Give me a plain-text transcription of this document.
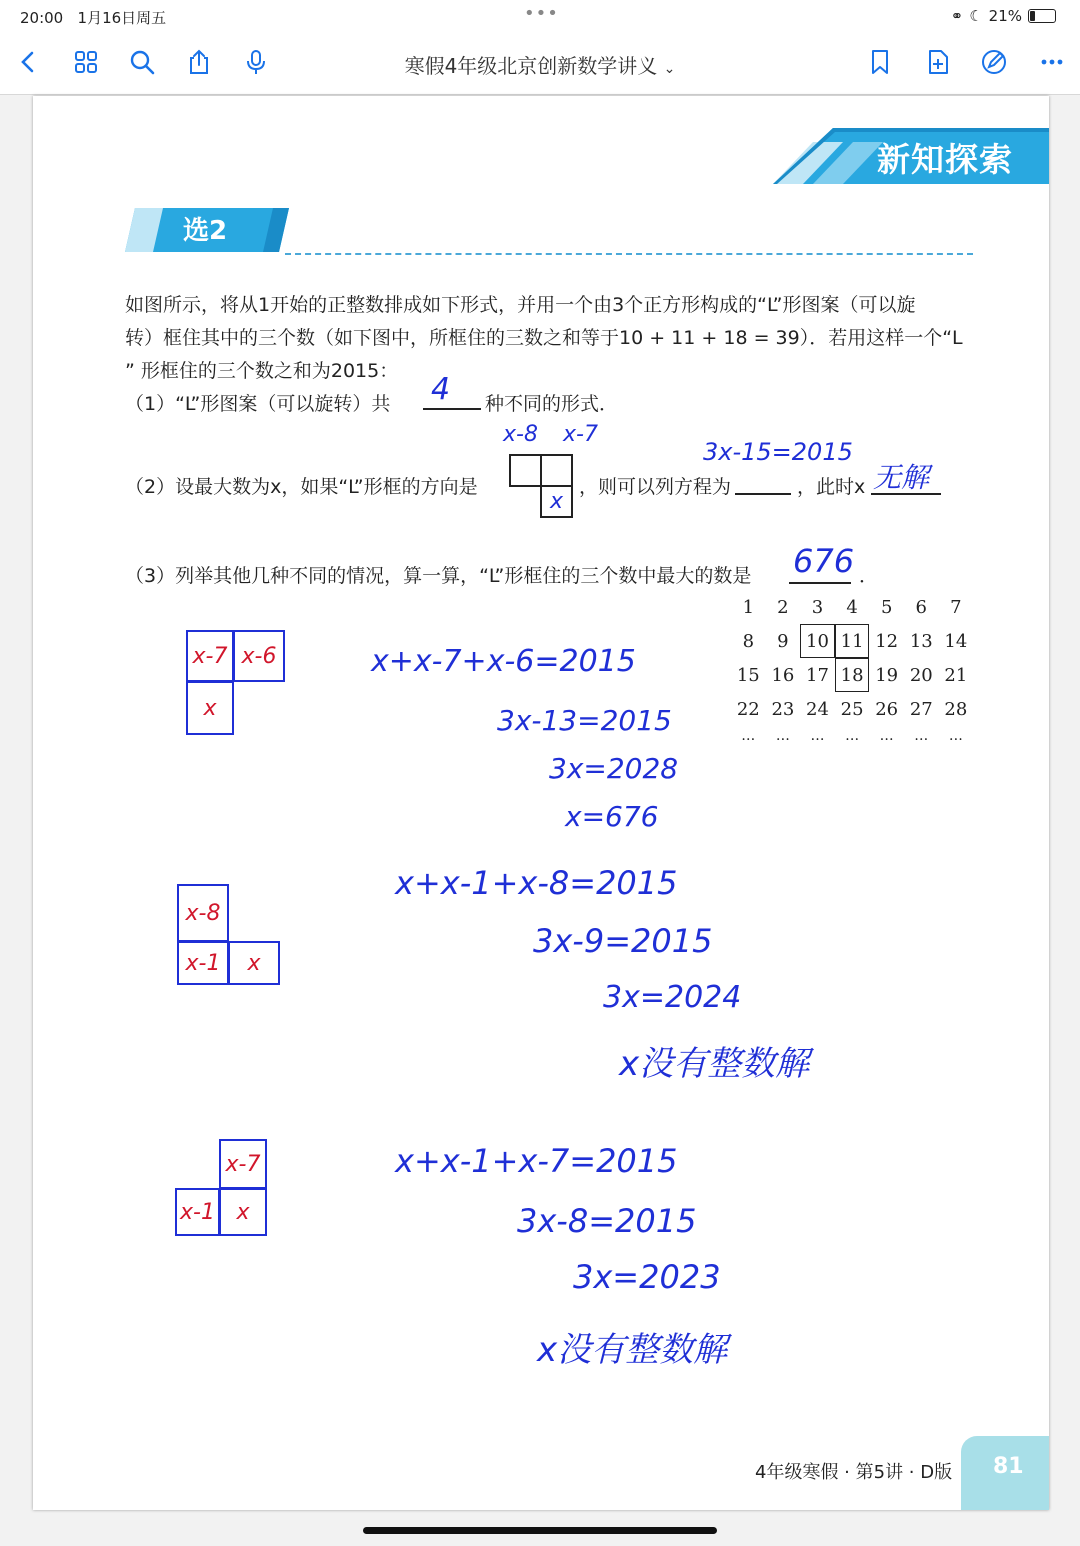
20:00 1月16日周五	•••	⚭ ☾ 21%
寒假4年级北京创新数学讲义 ⌄
新知探索
选2
如图所示，将从1开始的正整数排成如下形式，并用一个由3个正方形构成的“L”形图案（可以旋
转）框住其中的三个数（如下图中，所框住的三数之和等于10 + 11 + 18 = 39）．若用这样一个“L
” 形框住的三个数之和为2015：
（1）“L”形图案（可以旋转）共 4 种不同的形式．
（2）设最大数为x，如果“L”形框的方向是
x-8 x-7
x
，则可以列方程为
3x-15=2015
，此时x 无解
（3）列举其他几种不同的情况，算一算，“L”形框住的三个数中最大的数是 676 ．
1	2	3	4	5	6	7
8	9 10 11 12 13 14
15 16 17 18 19 20 21
22 23 24 25 26 27 28
…	…	…	…	…	…	…
x-7 x-6
x
x+x-7+x-6=2015
3x-13=2015
3x=2028
x=676
x-8
x-1 x
x+x-1+x-8=2015
3x-9=2015
3x=2024
x没有整数解
x-7
x-1 x
x+x-1+x-7=2015
3x-8=2015
3x=2023
x没有整数解
4年级寒假 · 第5讲 · D版 81
